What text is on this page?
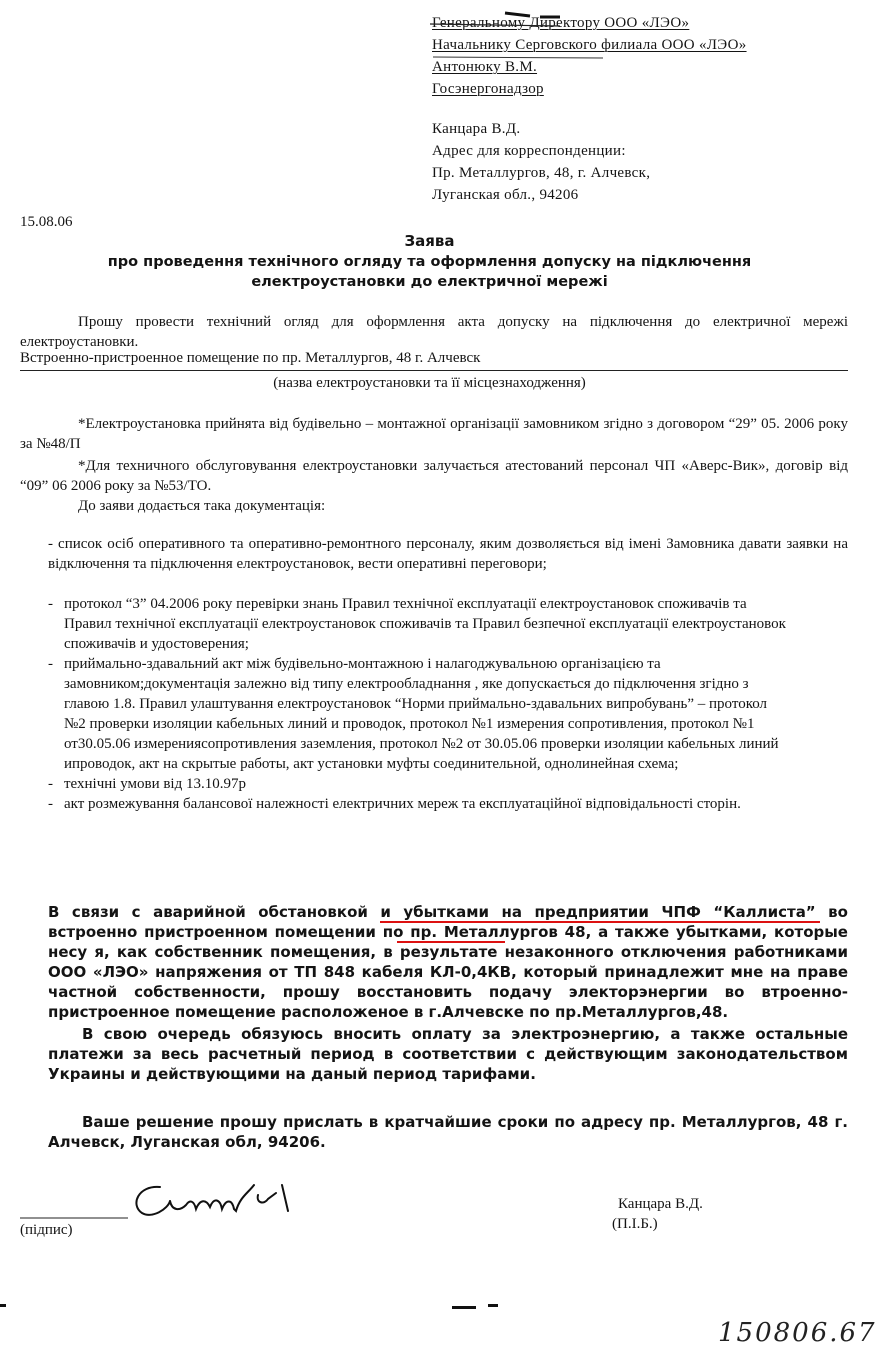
Генеральному Директору ООО «ЛЭО»
Начальнику Серговского филиала ООО «ЛЭО»
Антонюку В.М.
Госэнергонадзор
Канцара В.Д.
Адрес для корреспонденции:
Пр. Металлургов, 48, г. Алчевск,
Луганская обл., 94206
15.08.06
Заява
про проведення технічного огляду та оформлення допуску на підключення
електроустановки до електричної мережі
Прошу провести технічний огляд для оформлення акта допуску на підключення до електричної мережі електроустановки.
Встроенно-пристроенное помещение по пр. Металлургов, 48 г. Алчевск
(назва електроустановки та її місцезнаходження)
*Електроустановка прийнята від будівельно – монтажної організації замовником згідно з договором “29” 05. 2006 року за №48/П
*Для техничного обслуговування електроустановки залучається атестований персонал ЧП «Аверс-Вик», договір від “09” 06 2006 року за №53/ТО.
До заяви додається така документація:
- список осіб оперативного та оперативно-ремонтного персоналу, яким дозволяється від імені Замовника давати заявки на відключення та підключення електроустановок, вести оперативні переговори;
- протокол “3” 04.2006 року перевірки знань Правил технічної експлуатації електроустановок споживачів та Правил технічної експлуатації електроустановок споживачів та Правил безпечної експлуатації електроустановок споживачів и удостоверения;
- приймально-здавальний акт між будівельно-монтажною і налагоджувальною організацією та замовником;документація залежно від типу електрообладнання , яке допускається до підключення згідно з главою 1.8. Правил улаштування електроустановок “Норми приймально-здавальних випробувань” – протокол №2 проверки изоляции кабельных линий и проводок, протокол №1 измерения сопротивления, протокол №1 от30.05.06 измерениясопротивления заземления, протокол №2 от 30.05.06 проверки изоляции кабельных линий ипроводок, акт на скрытые работы, акт установки муфты соединительной, однолинейная схема;
- технічні умови від 13.10.97р
- акт розмежування балансової належності електричних мереж та експлуатаційної відповідальності сторін.

В связи с аварийной обстановкой и убытками на предприятии ЧПФ “Каллиста” во встроенно пристроенном помещении по пр. Металлургов 48, а также убытками, которые несу я, как собственник помещения, в результате незаконного отключения работниками ООО «ЛЭО» напряжения от ТП 848 кабеля КЛ-0,4КВ, который принадлежит мне на праве частной собственности, прошу восстановить подачу электорэнергии во втроенно-пристроенное помещение расположеное в г.Алчевске по пр.Металлургов,48.

В свою очередь обязуюсь вносить оплату за электроэнергию, а также остальные платежи за весь расчетный период в соответствии с действующим законодательством Украины и действующими на даный период тарифами.
Ваше решение прошу прислать в кратчайшие сроки по адресу пр. Металлургов, 48 г. Алчевск, Луганская обл, 94206.
(підпис)
Канцара В.Д.
(П.І.Б.)
150806.67
